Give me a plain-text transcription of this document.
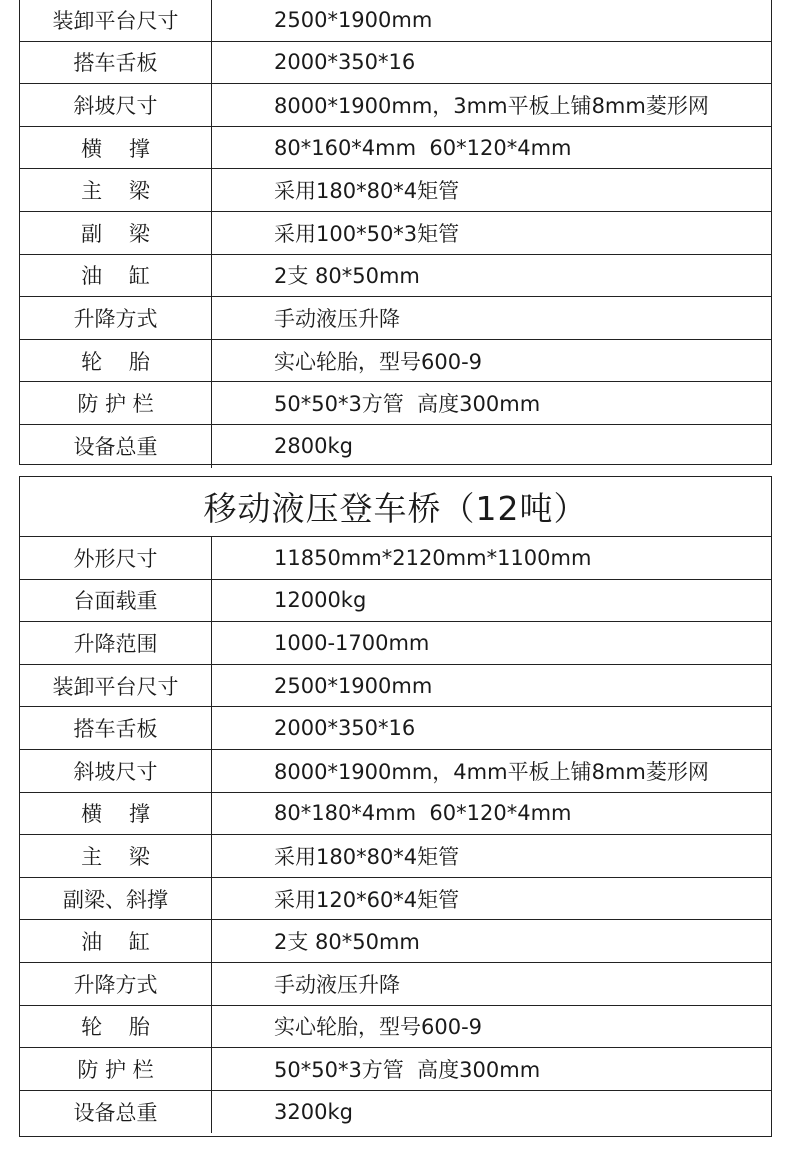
装卸平台尺寸	2500*1900mm
搭车舌板	2000*350*16
斜坡尺寸	8000*1900mm，3mm平板上铺8mm菱形网
横    撑	80*160*4mm  60*120*4mm
主    梁	采用180*80*4矩管
副    梁	采用100*50*3矩管
油    缸	2支 80*50mm
升降方式	手动液压升降
轮    胎	实心轮胎，型号600-9
防 护 栏	50*50*3方管  高度300mm
设备总重	2800kg
移动液压登车桥（12吨）
外形尺寸	11850mm*2120mm*1100mm
台面载重	12000kg
升降范围	1000-1700mm
装卸平台尺寸	2500*1900mm
搭车舌板	2000*350*16
斜坡尺寸	8000*1900mm，4mm平板上铺8mm菱形网
横    撑	80*180*4mm  60*120*4mm
主    梁	采用180*80*4矩管
副梁、斜撑	采用120*60*4矩管
油    缸	2支 80*50mm
升降方式	手动液压升降
轮    胎	实心轮胎，型号600-9
防 护 栏	50*50*3方管  高度300mm
设备总重	3200kg
